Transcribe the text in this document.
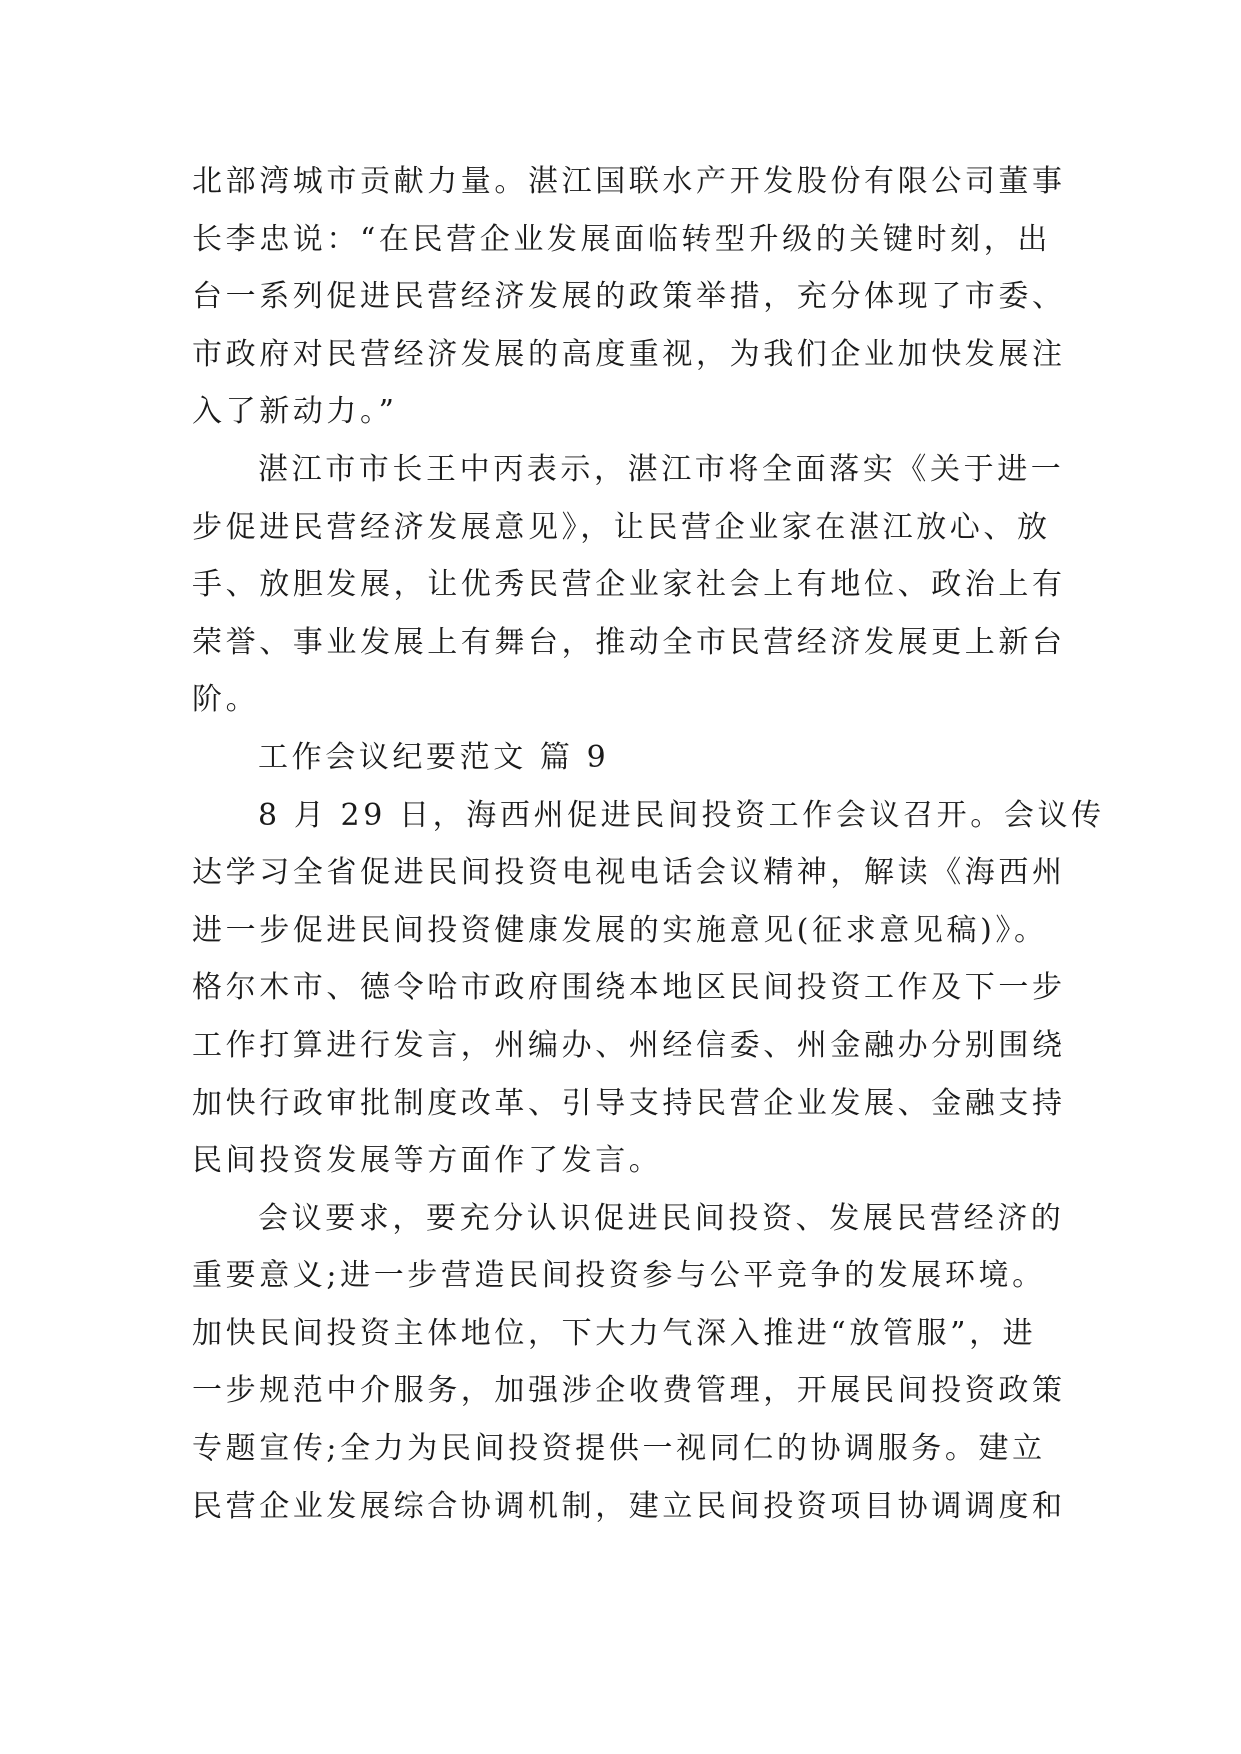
北部湾城市贡献力量。湛江国联水产开发股份有限公司董事
长李忠说：“在民营企业发展面临转型升级的关键时刻，出
台一系列促进民营经济发展的政策举措，充分体现了市委、
市政府对民营经济发展的高度重视，为我们企业加快发展注
入了新动力。”
湛江市市长王中丙表示，湛江市将全面落实《关于进一
步促进民营经济发展意见》，让民营企业家在湛江放心、放
手、放胆发展，让优秀民营企业家社会上有地位、政治上有
荣誉、事业发展上有舞台，推动全市民营经济发展更上新台
阶。
工作会议纪要范文 篇 9
8 月 29 日，海西州促进民间投资工作会议召开。会议传
达学习全省促进民间投资电视电话会议精神，解读《海西州
进一步促进民间投资健康发展的实施意见(征求意见稿)》。
格尔木市、德令哈市政府围绕本地区民间投资工作及下一步
工作打算进行发言，州编办、州经信委、州金融办分别围绕
加快行政审批制度改革、引导支持民营企业发展、金融支持
民间投资发展等方面作了发言。
会议要求，要充分认识促进民间投资、发展民营经济的
重要意义;进一步营造民间投资参与公平竞争的发展环境。
加快民间投资主体地位，下大力气深入推进“放管服”，进
一步规范中介服务，加强涉企收费管理，开展民间投资政策
专题宣传;全力为民间投资提供一视同仁的协调服务。建立
民营企业发展综合协调机制，建立民间投资项目协调调度和
